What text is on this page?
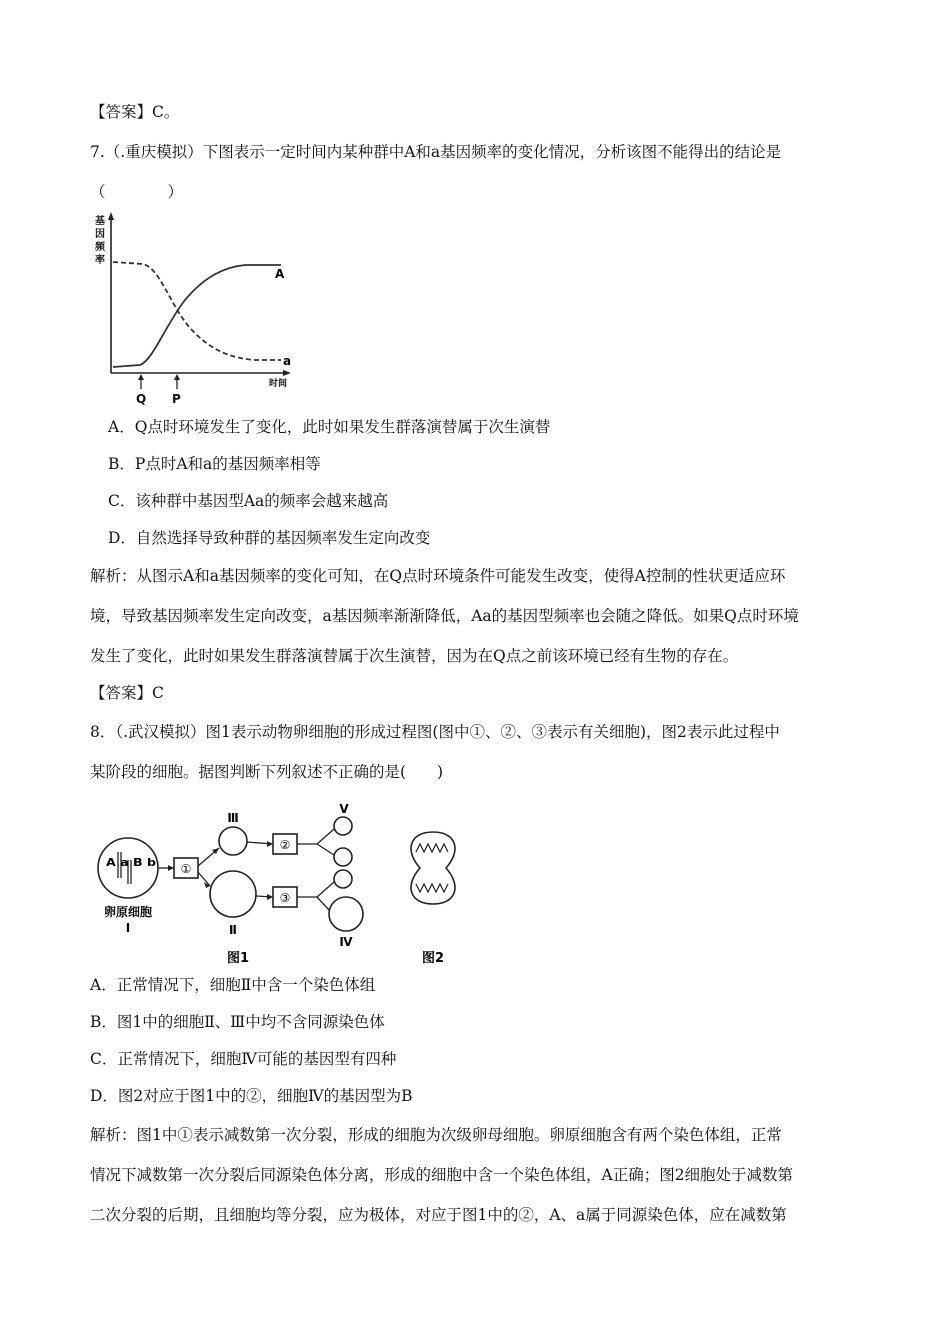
【答案】C。
7.（.重庆模拟）下图表示一定时间内某种群中A和a基因频率的变化情况，分析该图不能得出的结论是
（　　　　）
基
因
频
率
时间
A
a
Q P
A．Q点时环境发生了变化，此时如果发生群落演替属于次生演替
B．P点时A和a的基因频率相等
C．该种群中基因型Aa的频率会越来越高
D．自然选择导致种群的基因频率发生定向改变
解析：从图示A和a基因频率的变化可知，在Q点时环境条件可能发生改变，使得A控制的性状更适应环
境，导致基因频率发生定向改变，a基因频率渐渐降低，Aa的基因型频率也会随之降低。如果Q点时环境
发生了变化，此时如果发生群落演替属于次生演替，因为在Q点之前该环境已经有生物的存在。
【答案】C
8．（.武汉模拟）图1表示动物卵细胞的形成过程图(图中①、②、③表示有关细胞)，图2表示此过程中
某阶段的细胞。据图判断下列叙述不正确的是(　　)
A a B b ①
②
③
Ⅲ
Ⅱ
Ⅴ
Ⅳ
卵原细胞
Ⅰ
图1	图2
A．正常情况下，细胞Ⅱ中含一个染色体组
B．图1中的细胞Ⅱ、Ⅲ中均不含同源染色体
C．正常情况下，细胞Ⅳ可能的基因型有四种
D．图2对应于图1中的②，细胞Ⅳ的基因型为B
解析：图1中①表示减数第一次分裂，形成的细胞为次级卵母细胞。卵原细胞含有两个染色体组，正常
情况下减数第一次分裂后同源染色体分离，形成的细胞中含一个染色体组，A正确；图2细胞处于减数第
二次分裂的后期，且细胞均等分裂，应为极体，对应于图1中的②，A、a属于同源染色体，应在减数第
